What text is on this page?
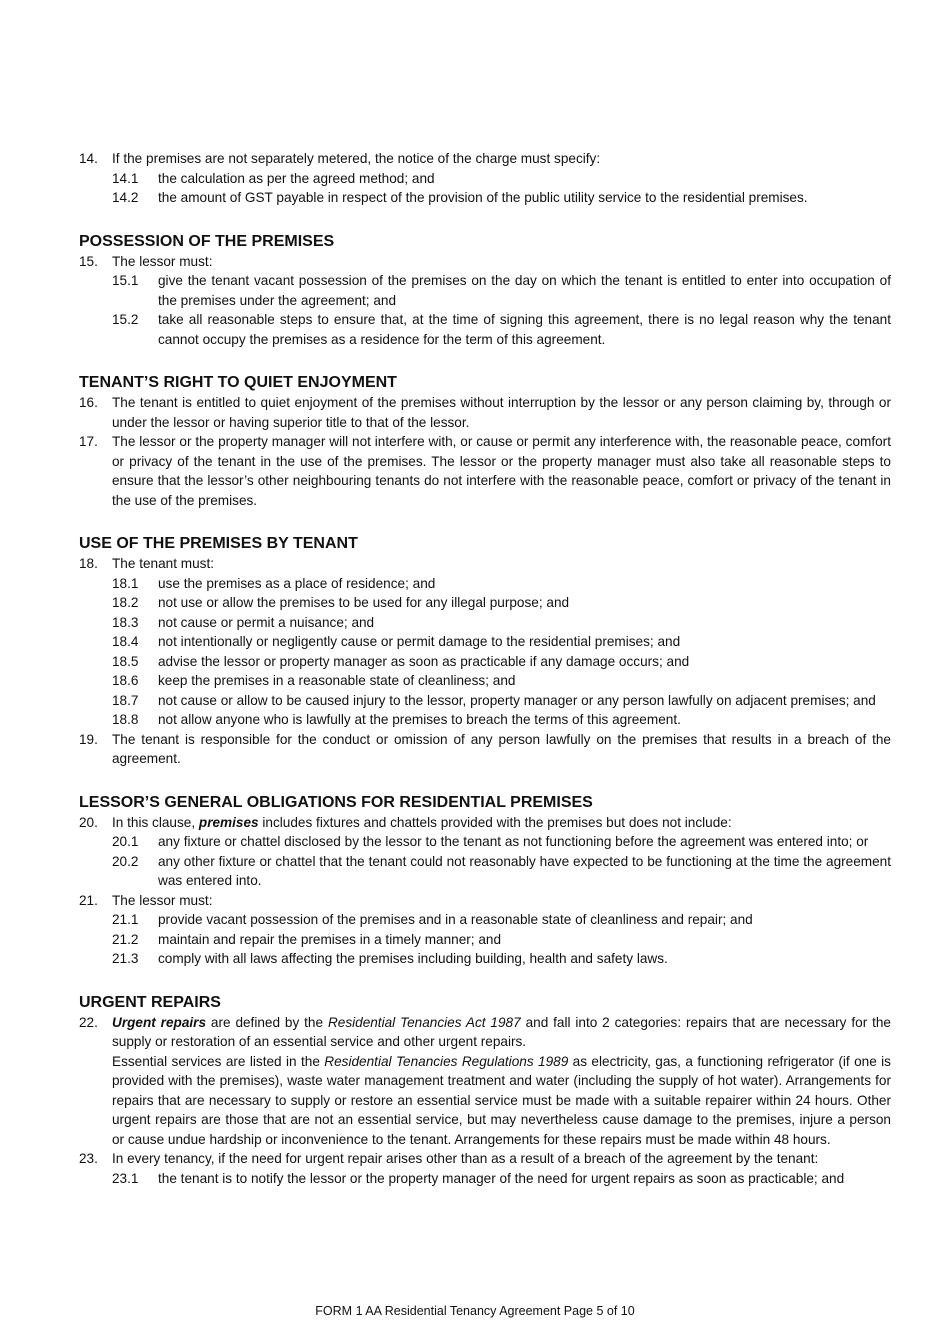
14. If the premises are not separately metered, the notice of the charge must specify:
14.1 the calculation as per the agreed method; and
14.2 the amount of GST payable in respect of the provision of the public utility service to the residential premises.
POSSESSION OF THE PREMISES
15. The lessor must:
15.1 give the tenant vacant possession of the premises on the day on which the tenant is entitled to enter into occupation of the premises under the agreement; and
15.2 take all reasonable steps to ensure that, at the time of signing this agreement, there is no legal reason why the tenant cannot occupy the premises as a residence for the term of this agreement.
TENANT’S RIGHT TO QUIET ENJOYMENT
16. The tenant is entitled to quiet enjoyment of the premises without interruption by the lessor or any person claiming by, through or under the lessor or having superior title to that of the lessor.
17. The lessor or the property manager will not interfere with, or cause or permit any interference with, the reasonable peace, comfort or privacy of the tenant in the use of the premises. The lessor or the property manager must also take all reasonable steps to ensure that the lessor’s other neighbouring tenants do not interfere with the reasonable peace, comfort or privacy of the tenant in the use of the premises.
USE OF THE PREMISES BY TENANT
18. The tenant must:
18.1 use the premises as a place of residence; and
18.2 not use or allow the premises to be used for any illegal purpose; and
18.3 not cause or permit a nuisance; and
18.4 not intentionally or negligently cause or permit damage to the residential premises; and
18.5 advise the lessor or property manager as soon as practicable if any damage occurs; and
18.6 keep the premises in a reasonable state of cleanliness; and
18.7 not cause or allow to be caused injury to the lessor, property manager or any person lawfully on adjacent premises; and
18.8 not allow anyone who is lawfully at the premises to breach the terms of this agreement.
19. The tenant is responsible for the conduct or omission of any person lawfully on the premises that results in a breach of the agreement.
LESSOR’S GENERAL OBLIGATIONS FOR RESIDENTIAL PREMISES
20. In this clause, premises includes fixtures and chattels provided with the premises but does not include:
20.1 any fixture or chattel disclosed by the lessor to the tenant as not functioning before the agreement was entered into; or
20.2 any other fixture or chattel that the tenant could not reasonably have expected to be functioning at the time the agreement was entered into.
21. The lessor must:
21.1 provide vacant possession of the premises and in a reasonable state of cleanliness and repair; and
21.2 maintain and repair the premises in a timely manner; and
21.3 comply with all laws affecting the premises including building, health and safety laws.
URGENT REPAIRS
22. Urgent repairs are defined by the Residential Tenancies Act 1987 and fall into 2 categories: repairs that are necessary for the supply or restoration of an essential service and other urgent repairs.
Essential services are listed in the Residential Tenancies Regulations 1989 as electricity, gas, a functioning refrigerator (if one is provided with the premises), waste water management treatment and water (including the supply of hot water). Arrangements for repairs that are necessary to supply or restore an essential service must be made with a suitable repairer within 24 hours. Other urgent repairs are those that are not an essential service, but may nevertheless cause damage to the premises, injure a person or cause undue hardship or inconvenience to the tenant. Arrangements for these repairs must be made within 48 hours.
23. In every tenancy, if the need for urgent repair arises other than as a result of a breach of the agreement by the tenant:
23.1 the tenant is to notify the lessor or the property manager of the need for urgent repairs as soon as practicable; and
FORM 1 AA Residential Tenancy Agreement Page 5 of 10
